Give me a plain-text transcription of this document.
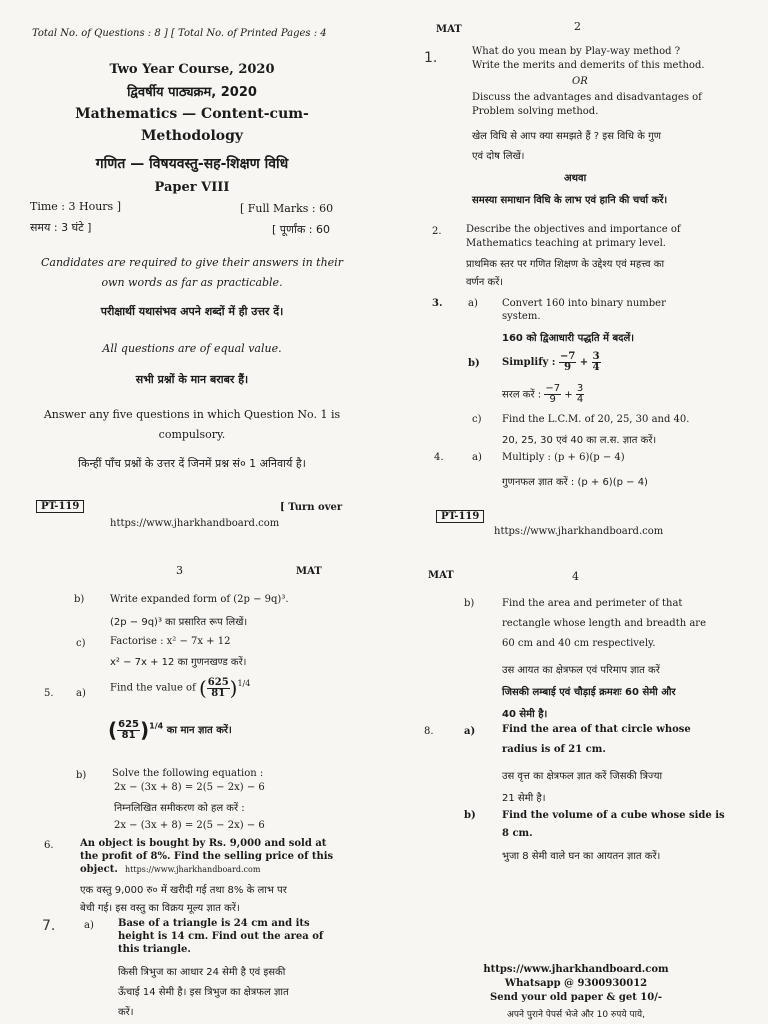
Total No. of Questions : 8 ] [ Total No. of Printed Pages : 4
Two Year Course, 2020
द्विवर्षीय पाठ्यक्रम, 2020
Mathematics — Content-cum-
Methodology
गणित — विषयवस्तु-सह-शिक्षण विधि
Paper VIII
Time : 3 Hours ]	[ Full Marks : 60
समय : 3 घंटे ]	[ पूर्णांक : 60
Candidates are required to give their answers in their
own words as far as practicable.
परीक्षार्थी यथासंभव अपने शब्दों में ही उत्तर दें।
All questions are of equal value.
सभी प्रश्नों के मान बराबर हैं।
Answer any five questions in which Question No. 1 is
compulsory.
किन्हीं पाँच प्रश्नों के उत्तर दें जिनमें प्रश्न सं० 1 अनिवार्य है।
PT-119	[ Turn over
https://www.jharkhandboard.com
MAT	2
1.	What do you mean by Play-way method ?
Write the merits and demerits of this method.
OR
Discuss the advantages and disadvantages of
Problem solving method.
खेल विधि से आप क्या समझते हैं ? इस विधि के गुण
एवं दोष लिखें।
अथवा
समस्या समाधान विधि के लाभ एवं हानि की चर्चा करें।
2. Describe the objectives and importance of
Mathematics teaching at primary level.
प्राथमिक स्तर पर गणित शिक्षण के उद्देश्य एवं महत्त्व का
वर्णन करें।
3.	a) Convert 160 into binary number
system.
160 को द्विआधारी पद्धति में बदलें।
b) Simplify : $\frac{-7}{9} + \frac{3}{4}$
सरल करें : $\frac{-7}{9} + \frac{3}{4}$
c) Find the L.C.M. of 20, 25, 30 and 40.
20, 25, 30 एवं 40 का ल.स. ज्ञात करें।
4.	a) Multiply : (p + 6)(p − 4)
गुणनफल ज्ञात करें : (p + 6)(p − 4)
PT-119
https://www.jharkhandboard.com
3	MAT
b)	Write expanded form of (2p − 9q)³.
(2p − 9q)³ का प्रसारित रूप लिखें।
c) Factorise : x² − 7x + 12
x² − 7x + 12 का गुणनखण्ड करें।
5. a) Find the value of ( $\frac{625}{81} )^{1/4}$
( $\frac{625}{81} )^{1/4}$ का मान ज्ञात करें।
b)	Solve the following equation :
2x − (3x + 8) = 2(5 − 2x) − 6
निम्नलिखित समीकरण को हल करें :
2x − (3x + 8) = 2(5 − 2x) − 6
6.	An object is bought by Rs. 9,000 and sold at
the profit of 8%. Find the selling price of this
object. https://www.jharkhandboard.com
एक वस्तु 9,000 रु० में खरीदी गई तथा 8% के लाभ पर
बेची गई। इस वस्तु का विक्रय मूल्य ज्ञात करें।
7.	a) Base of a triangle is 24 cm and its
height is 14 cm. Find out the area of
this triangle.
किसी त्रिभुज का आधार 24 सेमी है एवं इसकी
ऊँचाई 14 सेमी है। इस त्रिभुज का क्षेत्रफल ज्ञात
करें।
MAT	4
b)	Find the area and perimeter of that
rectangle whose length and breadth are
60 cm and 40 cm respectively.
उस आयत का क्षेत्रफल एवं परिमाप ज्ञात करें
जिसकी लम्बाई एवं चौड़ाई क्रमशः 60 सेमी और
40 सेमी है।
8.	a)	Find the area of that circle whose
radius is of 21 cm.
उस वृत्त का क्षेत्रफल ज्ञात करें जिसकी त्रिज्या
21 सेमी है।
b)	Find the volume of a cube whose side is
8 cm.
भुजा 8 सेमी वाले घन का आयतन ज्ञात करें।
https://www.jharkhandboard.com
Whatsapp @ 9300930012
Send your old paper & get 10/-
अपने पुराने पेपर्स भेजे और 10 रुपये पाये,
